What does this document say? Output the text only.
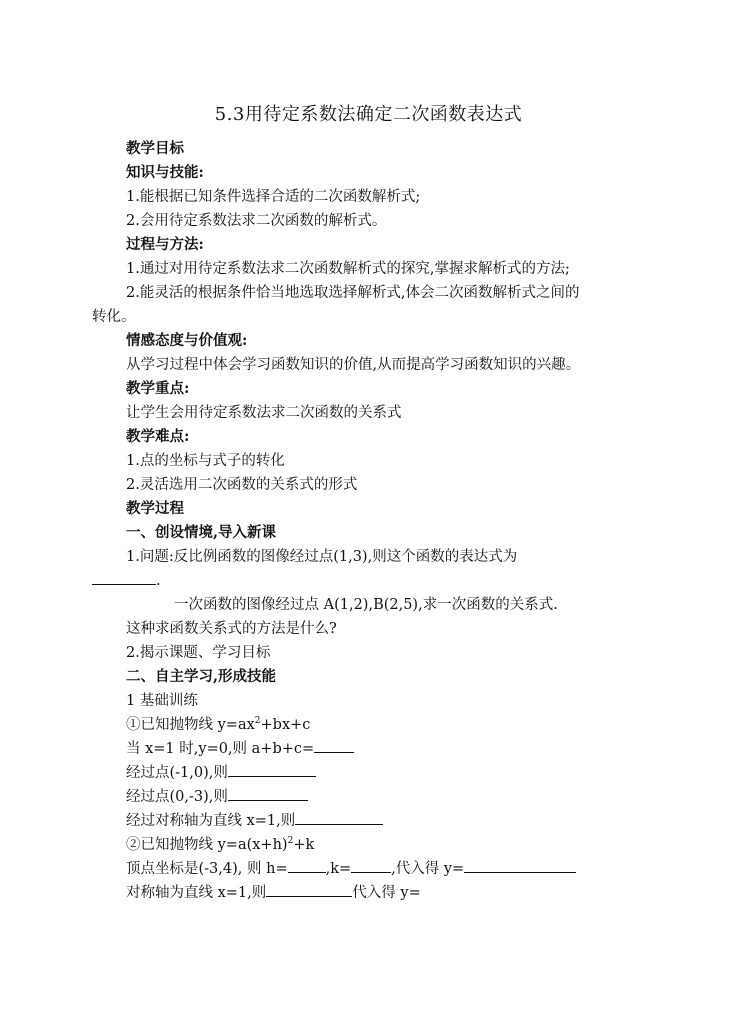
5.3用待定系数法确定二次函数表达式
教学目标
知识与技能:
1.能根据已知条件选择合适的二次函数解析式;
2.会用待定系数法求二次函数的解析式。
过程与方法:
1.通过对用待定系数法求二次函数解析式的探究,掌握求解析式的方法;
2.能灵活的根据条件恰当地选取选择解析式,体会二次函数解析式之间的
转化。
情感态度与价值观:
从学习过程中体会学习函数知识的价值,从而提高学习函数知识的兴趣。
教学重点:
让学生会用待定系数法求二次函数的关系式
教学难点:
1.点的坐标与式子的转化
2.灵活选用二次函数的关系式的形式
教学过程
一、创设情境,导入新课
1.问题:反比例函数的图像经过点(1,3),则这个函数的表达式为
.
一次函数的图像经过点 A(1,2),B(2,5),求一次函数的关系式.
这种求函数关系式的方法是什么?
2.揭示课题、学习目标
二、自主学习,形成技能
1 基础训练
①已知抛物线 $y=ax^2+bx+c$
当 x=1 时,y=0,则 a+b+c=
经过点(-1,0),则
经过点(0,-3),则
经过对称轴为直线 x=1,则
②已知抛物线 $y=a(x+h)^2+k$
顶点坐标是(-3,4), 则 h=	,k=	,代入得 y=
对称轴为直线 x=1,则	代入得 y=
